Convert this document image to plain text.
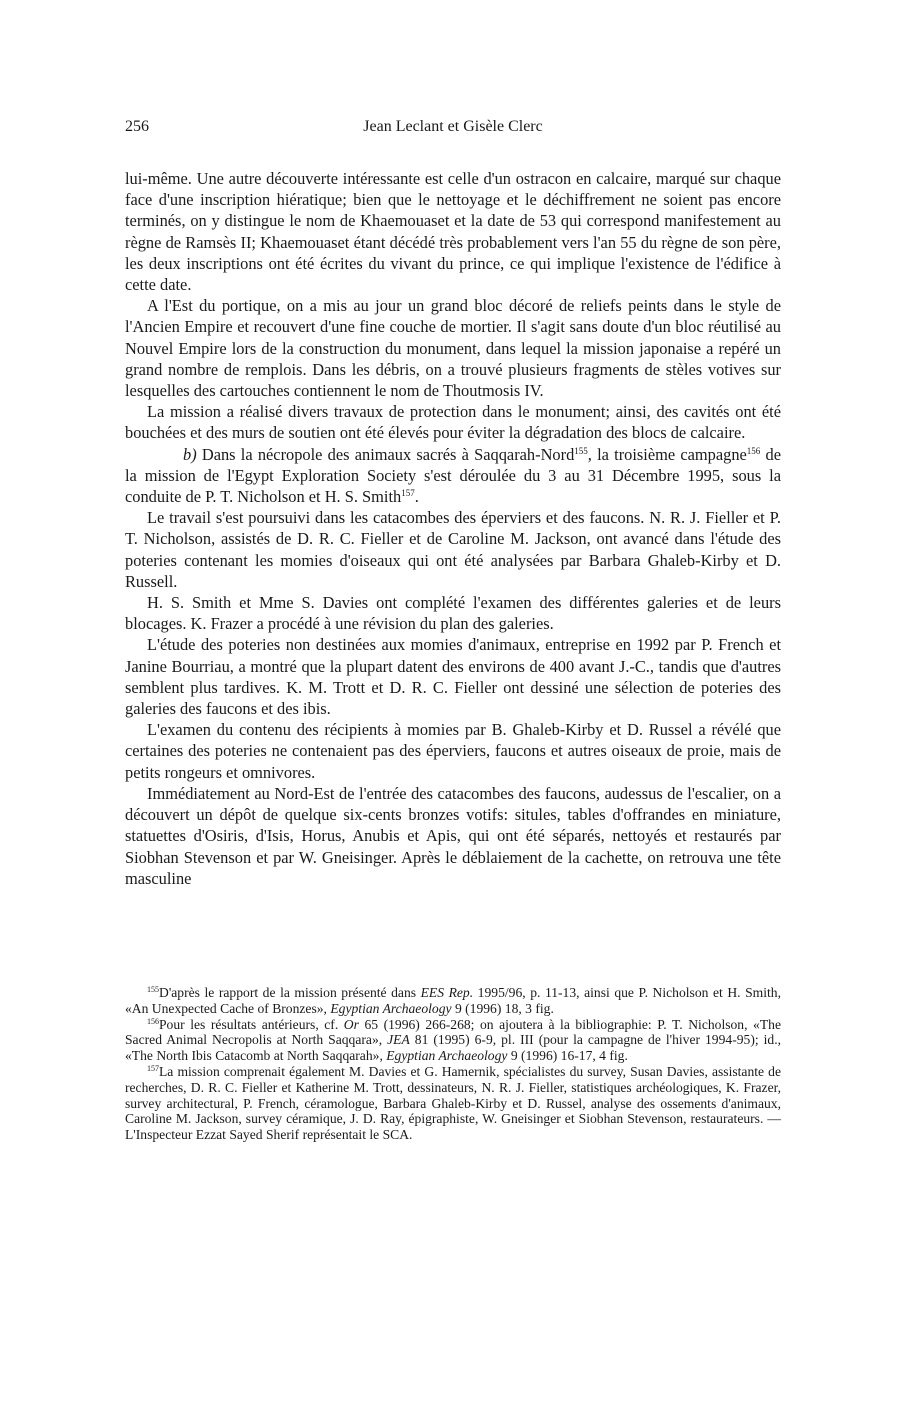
256	Jean Leclant et Gisèle Clerc

lui-même. Une autre découverte intéressante est celle d'un ostracon en calcaire, marqué sur chaque face d'une inscription hiératique; bien que le nettoyage et le déchiffrement ne soient pas encore terminés, on y distingue le nom de Khaemouaset et la date de 53 qui correspond manifestement au règne de Ramsès II; Khaemouaset étant décédé très probablement vers l'an 55 du règne de son père, les deux inscriptions ont été écrites du vivant du prince, ce qui implique l'existence de l'édifice à cette date.

A l'Est du portique, on a mis au jour un grand bloc décoré de reliefs peints dans le style de l'Ancien Empire et recouvert d'une fine couche de mortier. Il s'agit sans doute d'un bloc réutilisé au Nouvel Empire lors de la construction du monument, dans lequel la mission japonaise a repéré un grand nombre de remplois. Dans les débris, on a trouvé plusieurs fragments de stèles votives sur lesquelles des cartouches contiennent le nom de Thoutmosis IV.

La mission a réalisé divers travaux de protection dans le monument; ainsi, des cavités ont été bouchées et des murs de soutien ont été élevés pour éviter la dégradation des blocs de calcaire.

b) Dans la nécropole des animaux sacrés à Saqqarah-Nord$^{155}$, la troisième campagne$^{156}$ de la mission de l'Egypt Exploration Society s'est déroulée du 3 au 31 Décembre 1995, sous la conduite de P. T. Nicholson et H. S. Smith$^{157}$.

Le travail s'est poursuivi dans les catacombes des éperviers et des faucons. N. R. J. Fieller et P. T. Nicholson, assistés de D. R. C. Fieller et de Caroline M. Jackson, ont avancé dans l'étude des poteries contenant les momies d'oiseaux qui ont été analysées par Barbara Ghaleb-Kirby et D. Russell.

H. S. Smith et Mme S. Davies ont complété l'examen des différentes galeries et de leurs blocages. K. Frazer a procédé à une révision du plan des galeries.

L'étude des poteries non destinées aux momies d'animaux, entreprise en 1992 par P. French et Janine Bourriau, a montré que la plupart datent des environs de 400 avant J.-C., tandis que d'autres semblent plus tardives. K. M. Trott et D. R. C. Fieller ont dessiné une sélection de poteries des galeries des faucons et des ibis.

L'examen du contenu des récipients à momies par B. Ghaleb-Kirby et D. Russel a révélé que certaines des poteries ne contenaient pas des éperviers, faucons et autres oiseaux de proie, mais de petits rongeurs et omnivores.

Immédiatement au Nord-Est de l'entrée des catacombes des faucons, audessus de l'escalier, on a découvert un dépôt de quelque six-cents bronzes votifs: situles, tables d'offrandes en miniature, statuettes d'Osiris, d'Isis, Horus, Anubis et Apis, qui ont été séparés, nettoyés et restaurés par Siobhan Stevenson et par W. Gneisinger. Après le déblaiement de la cachette, on retrouva une tête masculine

$^{155}$D'après le rapport de la mission présenté dans EES Rep. 1995/96, p. 11-13, ainsi que P. Nicholson et H. Smith, «An Unexpected Cache of Bronzes», Egyptian Archaeology 9 (1996) 18, 3 fig.

$^{156}$Pour les résultats antérieurs, cf. Or 65 (1996) 266-268; on ajoutera à la bibliographie: P. T. Nicholson, «The Sacred Animal Necropolis at North Saqqara», JEA 81 (1995) 6-9, pl. III (pour la campagne de l'hiver 1994-95); id., «The North Ibis Catacomb at North Saqqarah», Egyptian Archaeology 9 (1996) 16-17, 4 fig.

$^{157}$La mission comprenait également M. Davies et G. Hamernik, spécialistes du survey, Susan Davies, assistante de recherches, D. R. C. Fieller et Katherine M. Trott, dessinateurs, N. R. J. Fieller, statistiques archéologiques, K. Frazer, survey architectural, P. French, céramologue, Barbara Ghaleb-Kirby et D. Russel, analyse des ossements d'animaux, Caroline M. Jackson, survey céramique, J. D. Ray, épigraphiste, W. Gneisinger et Siobhan Stevenson, restaurateurs. — L'Inspecteur Ezzat Sayed Sherif représentait le SCA.
